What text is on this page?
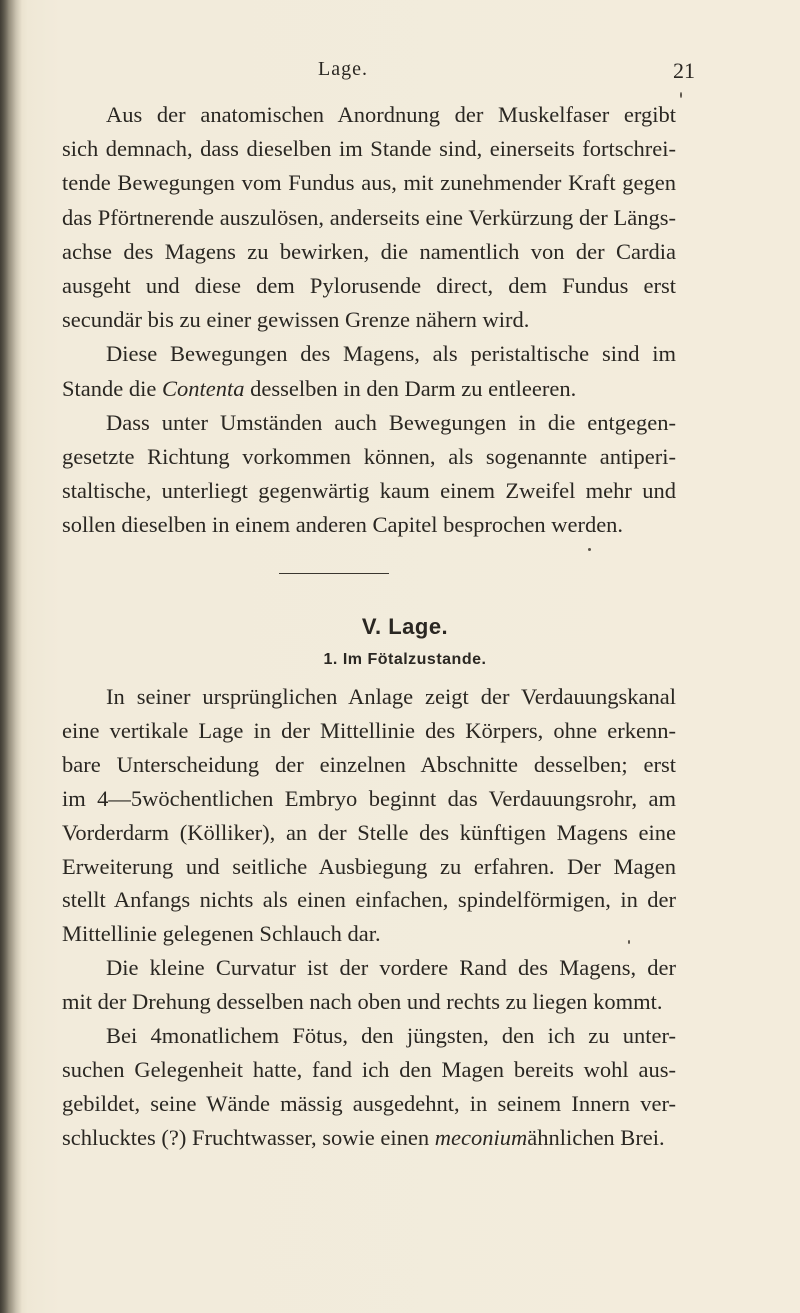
Lage.	21
Aus der anatomischen Anordnung der Muskelfaser ergibt
sich demnach, dass dieselben im Stande sind, einerseits fortschrei-
tende Bewegungen vom Fundus aus, mit zunehmender Kraft gegen
das Pförtnerende auszulösen, anderseits eine Verkürzung der Längs-
achse des Magens zu bewirken, die namentlich von der Cardia
ausgeht und diese dem Pylorusende direct, dem Fundus erst
secundär bis zu einer gewissen Grenze nähern wird.
Diese Bewegungen des Magens, als peristaltische sind im
Stande die Contenta desselben in den Darm zu entleeren.
Dass unter Umständen auch Bewegungen in die entgegen-
gesetzte Richtung vorkommen können, als sogenannte antiperi-
staltische, unterliegt gegenwärtig kaum einem Zweifel mehr und
sollen dieselben in einem anderen Capitel besprochen werden.
V. Lage.
1. Im Fötalzustande.
In seiner ursprünglichen Anlage zeigt der Verdauungskanal
eine vertikale Lage in der Mittellinie des Körpers, ohne erkenn-
bare Unterscheidung der einzelnen Abschnitte desselben; erst
im 4—5wöchentlichen Embryo beginnt das Verdauungsrohr, am
Vorderdarm (Kölliker), an der Stelle des künftigen Magens eine
Erweiterung und seitliche Ausbiegung zu erfahren. Der Magen
stellt Anfangs nichts als einen einfachen, spindelförmigen, in der
Mittellinie gelegenen Schlauch dar.
Die kleine Curvatur ist der vordere Rand des Magens, der
mit der Drehung desselben nach oben und rechts zu liegen kommt.
Bei 4monatlichem Fötus, den jüngsten, den ich zu unter-
suchen Gelegenheit hatte, fand ich den Magen bereits wohl aus-
gebildet, seine Wände mässig ausgedehnt, in seinem Innern ver-
schlucktes (?) Fruchtwasser, sowie einen meconiumähnlichen Brei.
